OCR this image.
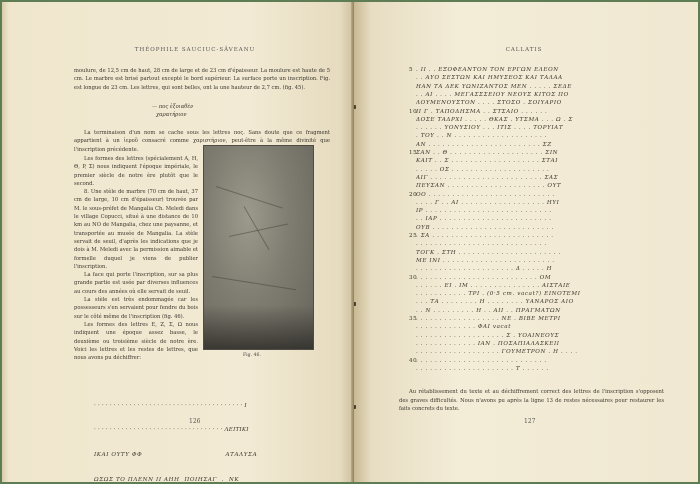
THÉOPHILE SAUCIUC-SĂVEANU

moulure, de 12,5 cm de haut, 28 cm de large et de 23 cm d'épaisseur. La moulure est haute de 5 cm. Le marbre est brisé partout excepté le bord supérieur. La surface porte un inscription. Fig. est longue de 23 cm. Les lettres, qui sont belles, ont la une hauteur de 2,7 cm. (fig. 45).

— πος ἐξοιαθὲν

χαρατήριον

La terminaison d'un nom se cache sous les lettres πος. Sans doute que ce fragment appartient à un ἱεροῦ consacré comme χαριστήριον, peut-être à la même divinité que l'inscription précédente.

Les formes des lettres (spécialement A, H, Θ, P, Σ) nous indiquent l'époque impériale, le premier siècle de notre ère plutôt que le second.

8. Une stèle de marbre (70 cm de haut, 37 cm de large, 10 cm d'épaisseur) trouvée par M. le sous-préfet de Mangalia Ch. Meledi dans le village Copucci, situé à une distance de 10 km au NO de Mangalia, chez une paysanne, et transportée au musée de Mangalia. La stèle servait de seuil, d'après les indications que je dois à M. Meledi avec la permission aimable et formelle duquel je viens de publier l'inscription.

La face qui porte l'inscription, sur sa plus grande partie est usée par diverses influences au cours des années où elle servait de seuil.

La stèle est très endommagée car les possesseurs s'en servaient pour fendre du bois sur le côté même de l'inscription (fig. 46).

Les formes des lettres E, Z, Σ, Ω nous indiquent une époque assez basse, le deuxième ou troisième siècle de notre ère. Voici les lettres et les restes de lettres, que nous avons pu déchiffrer:	Fig. 46.

· · · · · · · · · · · · · · · · · · · · · · · · · · · · · · · · · · · · · · I

· · · · · · · · · · · · · · · · · · · · · · · · · · · · · · · · · ΛΕΙΤΙΚΙ

ΙΚΑΙ ΟΥΤΥ ΦΦ                                   ΑΤΑΛΥΣΑ

ΩΣΩΣ ΤΟ ΠΛΕΝΝ ΙΙ ΑΗΗ  ΠΟΙΗΣΑΓ  .  ΝΚ

126
CALLATIS
5
10
15
20
25
30
35
40
. ΙΙ . . ΕΞΟΦΕΑΝΤΟΝ ΤΟΝ ΕΡΓΩΝ ΕΛΕΟΝ
. . ΑΥΟ ΣΕΣΤΩΝ ΚΑΙ ΗΜΥΣΕΟΣ ΚΑΙ ΤΑΛΑΑ
ΗΑΝ ΤΑ ΔΕΚ ΥΩΝΙΖΑΝΤΟΣ ΜΕΝ . . . . . ΣΕΔΕ
. . ΑΙ . . . . ΜΕΓΑΣΣΣΕΙΟΥ ΝΕΟΥΣ ΚΙΤΟΣ ΠΟ
ΛΟΥΜΕΝΟΥΣΤΟΝ . . . . ΣΤΟΣΟ . ΣΟΙΥΑΡΙΟ
ΙΙ Γ . ΤΑΠΟΔΗΣΜΑ . . ΣΤΣΑΙΟ . . . . . .
ΔΟΣΕ ΤΑΔΡΧΙ . . . . . ΘΚΑΣ . ΥΤΣΜΑ . . . Ω . Σ
. . . . . . ΥΟΝΥΣΙΟΥ . . . ΙΤΙΣ . . . . ΤΟΡΥΙΑΤ
. ΤΟΥ . . Ν . . . . . . . . . . . . . . . . . . . .
ΑΝ . . . . . . . . . . . . . . . . . . . . . . . . ΣΖ
ΣΑΝ . . Θ . . . . . . . . . . . . . . . . . . . . ΣΙΝ
ΚΑΙΤ . . Σ . . . . . . . . . . . . . . . . . . . ΣΤΑΙ
. . . . . ΟΣ . . . . . . . . . . . . . . . . . . . . .
ΑΙΓ . . . . . . . . . . . . . . . . . . . . . . . . ΣΑΣ
ΠΕΥΣΑΝ . . . . . . . . . . . . . . . . . . . . . ΟΥΤ
ΟΟ . . . . . . . . . . . . . . . . . . . . . . . . . . .
. . . . Γ . . ΑΙ . . . . . . . . . . . . . . . . . . ΗΥΙ
ΙΡ . . . . . . . . . . . . . . . . . . . . . . . . . . .
. . ΙΑΡ . . . . . . . . . . . . . . . . . . . . . . . .
ΟΥΒ . . . . . . . . . . . . . . . . . . . . . . . . . .
. ΣΑ . . . . . . . . . . . . . . . . . . . . . . . . . .
. . . . . . . . . . . . . . . . . . . . . . . . . . . .
ΤΟΓΚ . ΣΤΗ . . . . . . . . . . . . . . . . . . . . . .
ΜΕ ΙΝΙ . . . . . . . . . . . . . . . . . . . . . . . .
. . . . . . . . . . . . . . . . . . . . . Δ . . . . . Η
. . . . . . . . . . . . . . . . . . . . . . . . . . ΟΜ
. . . . . . ΕΙ . ΙΜ . . . . . . . . . . . . . . . ΑΙΣΤΑΙΕ
. . . . . . . . . . . ΤΡΙ . (0·5 cm. vacat?) ΕΙΝΟΤΕΜΙ
. . . ΤΑ . . . . . . . . Η . . . . . . . . ΥΑΝΑΡΟΣ ΑΙΟ
. . Ν . . . . . . . . . Η . . ΑΙΙ . . ΠΡΑΓΜΑΤΩΝ
. . . . . . . . . . . . . . . . . . ΝΕ . ΒΙΒΕ ΜΕΤΡΙ
. . . . . . . . . . . . . ΦΑΙ vacat
. . . . . . . . . . . . . . . . . . . Σ . ΥΟΑΙΝΕΟΥΣ
. . . . . . . . . . . . . ΙΑΝ . ΠΟΣΑΠΙΑΛΑΣΚΕΙΙ
. . . . . . . . . . . . . . . . . . ΓΟΥΜΕΤΡΟΝ . Η . . . .
. . . . . . . . . . . . . . . . . . . . . . . . . . . .
. . . . . . . . . . . . . . . . . . . . . Τ . . . . . .

Au rétablissement du texte et au déchiffrement correct des lettres de l'inscription s'opposent des graves difficultés. Nous n'avons pu après la ligne 13 de restes nécessaires pour restaurer les faits concrets du texte.

127
